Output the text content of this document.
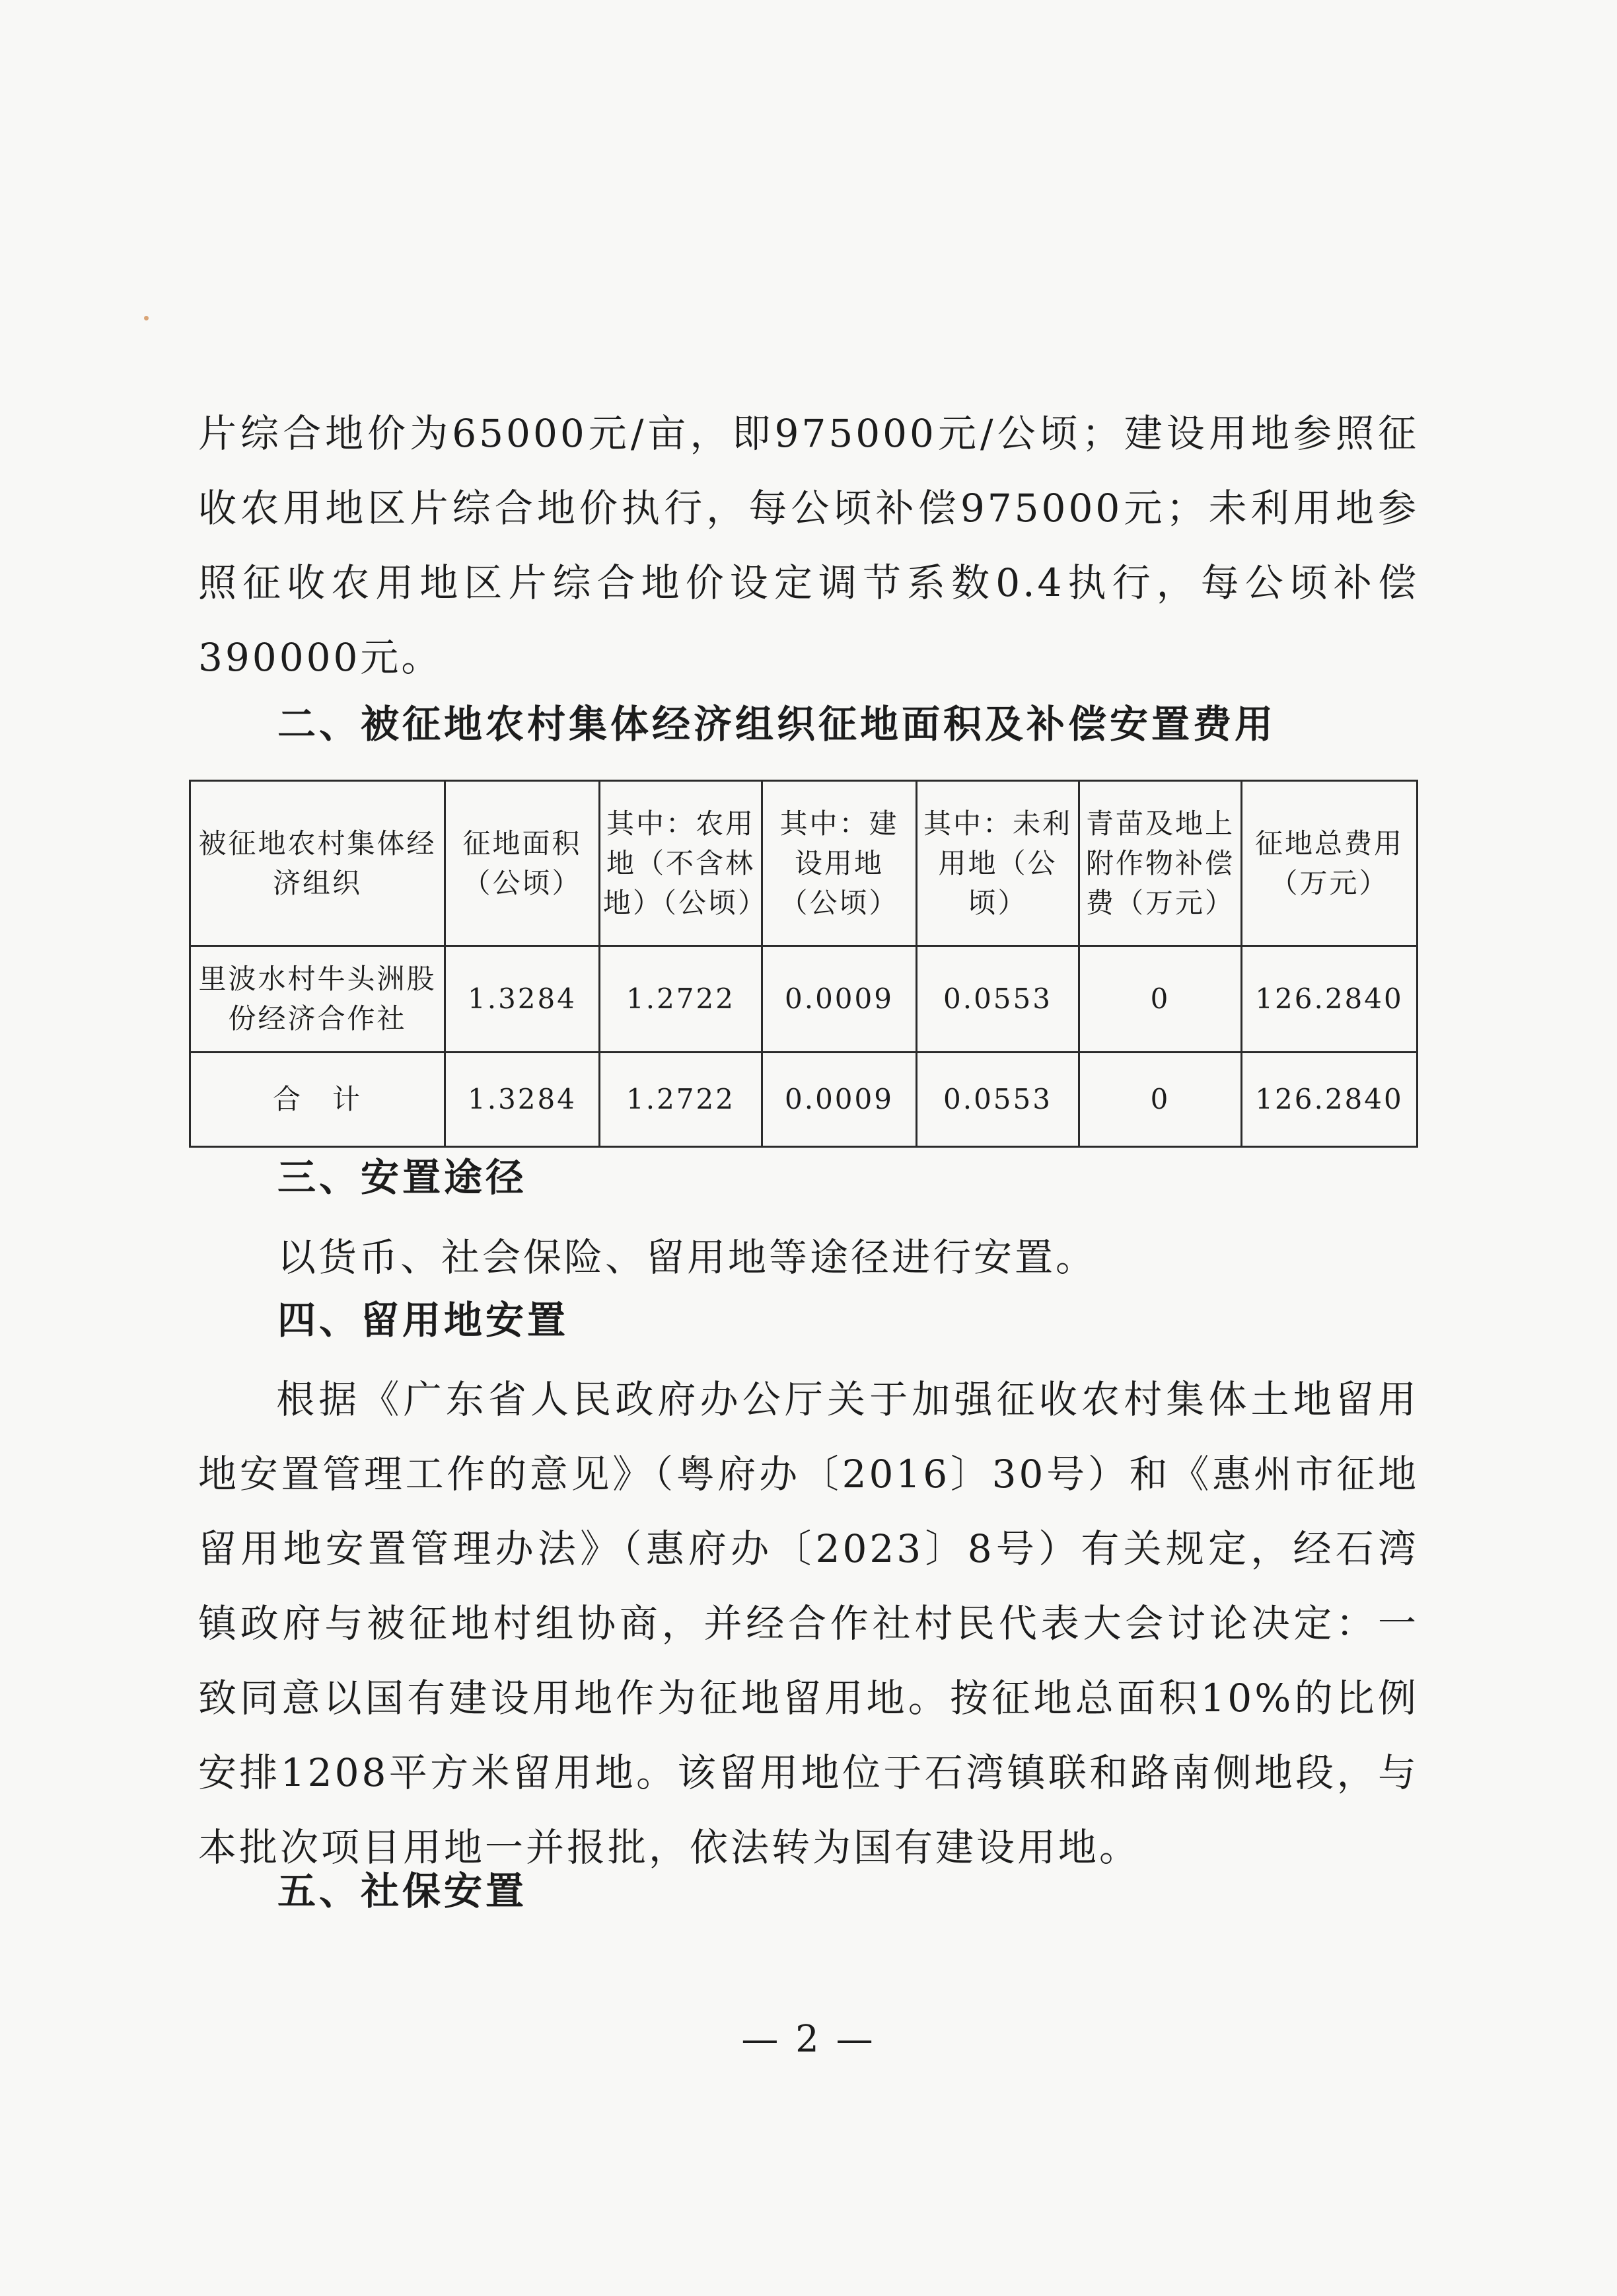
片综合地价为65000元/亩，即975000元/公顷；建设用地参照征收农用地区片综合地价执行，每公顷补偿975000元；未利用地参照征收农用地区片综合地价设定调节系数0.4执行，每公顷补偿390000元。

二、被征地农村集体经济组织征地面积及补偿安置费用

被征地农村集体经济组织	征地面积（公顷）	其中：农用地（不含林地）（公顷）	其中：建设用地（公顷）	其中：未利用地（公顷）	青苗及地上附作物补偿费（万元）	征地总费用（万元）

里波水村牛头洲股份经济合作社	1.3284	1.2722	0.0009	0.0553	0	126.2840
合　计	1.3284	1.2722	0.0009	0.0553	0	126.2840

三、安置途径

以货币、社会保险、留用地等途径进行安置。

四、留用地安置

根据《广东省人民政府办公厅关于加强征收农村集体土地留用地安置管理工作的意见》（粤府办〔2016〕30号）和《惠州市征地留用地安置管理办法》（惠府办〔2023〕8号）有关规定，经石湾镇政府与被征地村组协商，并经合作社村民代表大会讨论决定：一致同意以国有建设用地作为征地留用地。按征地总面积10%的比例安排1208平方米留用地。该留用地位于石湾镇联和路南侧地段，与本批次项目用地一并报批，依法转为国有建设用地。

五、社保安置

— 2 —
